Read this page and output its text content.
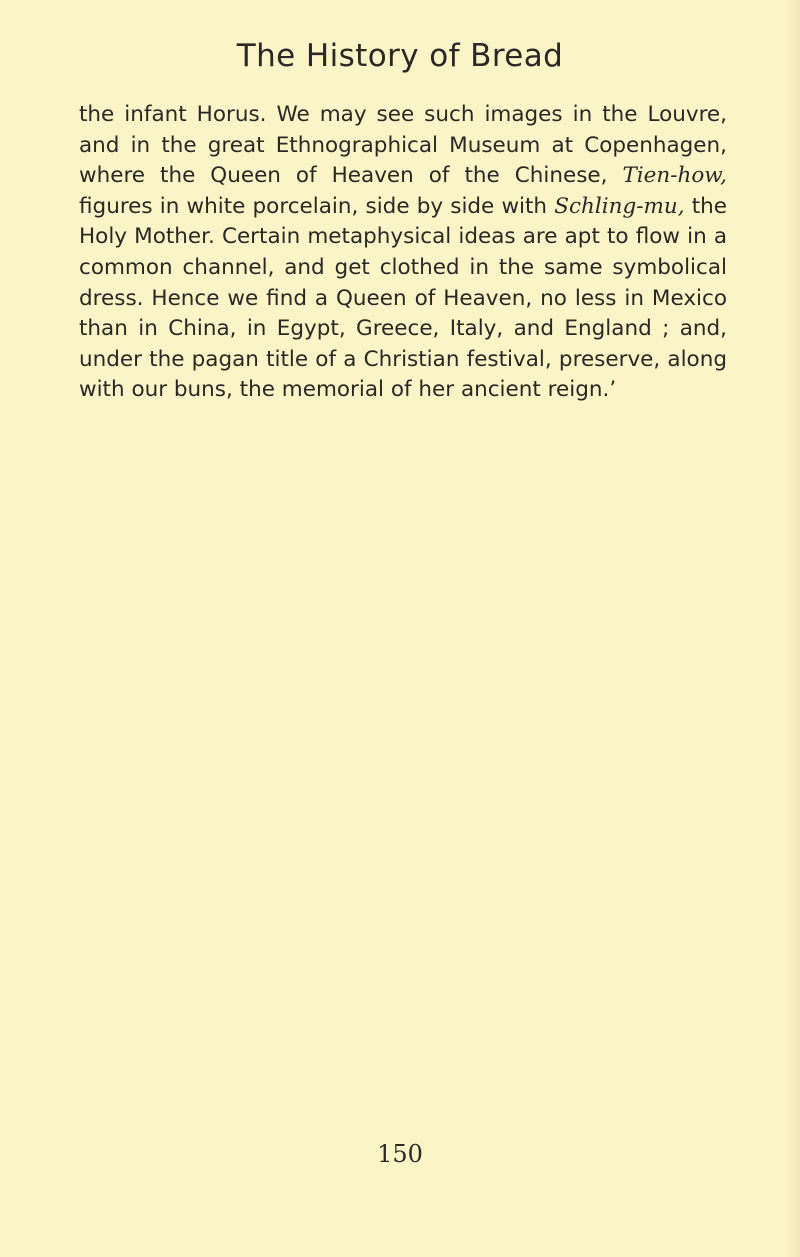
The History of Bread

the infant Horus. We may see such images in the Louvre, and in the great Ethnographical Museum at Copenhagen, where the Queen of Heaven of the Chinese, Tien-how, figures in white porcelain, side by side with Schling-mu, the Holy Mother. Certain metaphysical ideas are apt to flow in a common channel, and get clothed in the same symbolical dress. Hence we find a Queen of Heaven, no less in Mexico than in China, in Egypt, Greece, Italy, and England ; and, under the pagan title of a Christian festival, preserve, along with our buns, the memorial of her ancient reign.’

150
